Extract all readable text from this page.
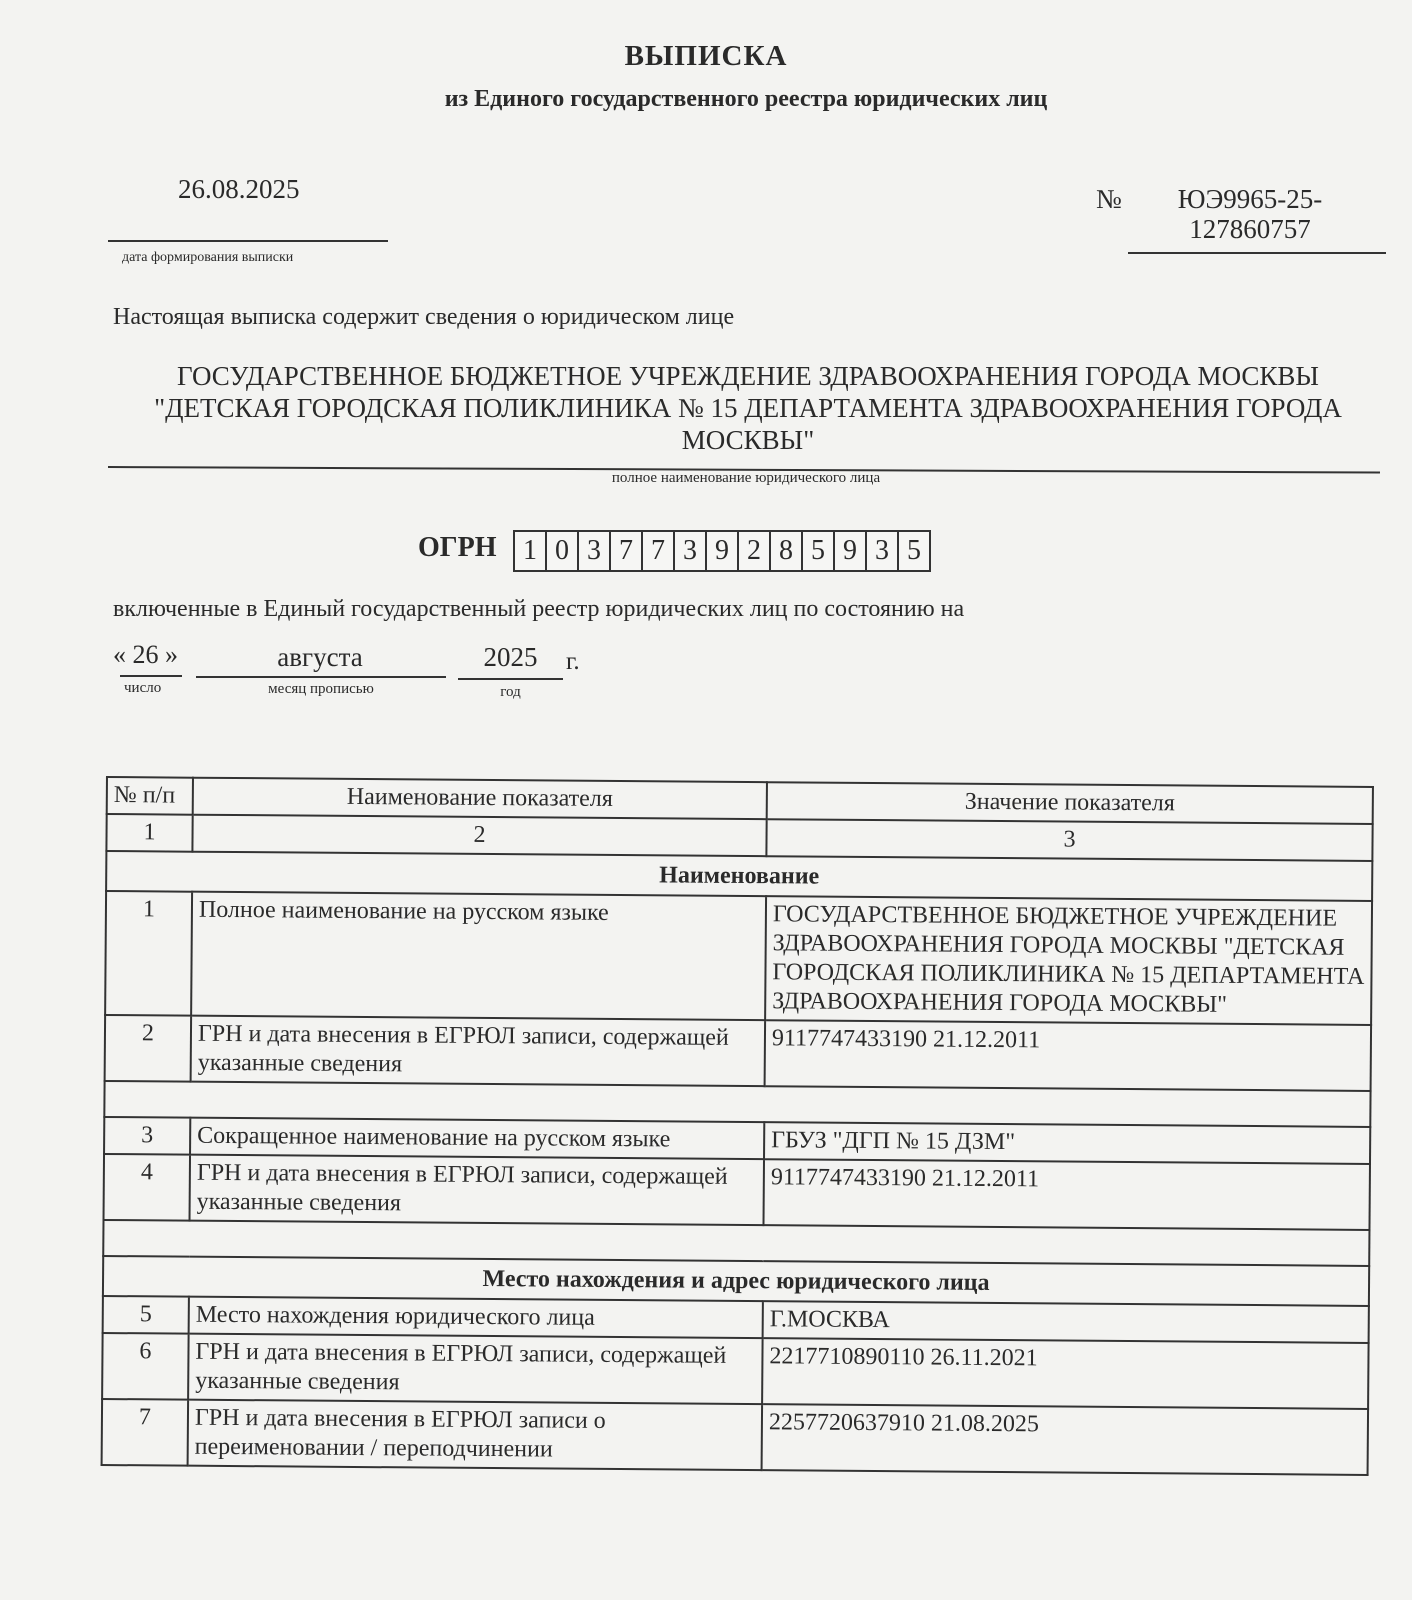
ВЫПИСКА
из Единого государственного реестра юридических лиц
26.08.2025
дата формирования выписки
№	ЮЭ9965-25-127860757
Настоящая выписка содержит сведения о юридическом лице
ГОСУДАРСТВЕННОЕ БЮДЖЕТНОЕ УЧРЕЖДЕНИЕ ЗДРАВООХРАНЕНИЯ ГОРОДА МОСКВЫ "ДЕТСКАЯ ГОРОДСКАЯ ПОЛИКЛИНИКА № 15 ДЕПАРТАМЕНТА ЗДРАВООХРАНЕНИЯ ГОРОДА МОСКВЫ"
полное наименование юридического лица
ОГРН 1 0 3 7 7 3 9 2 8 5 9 3 5
включенные в Единый государственный реестр юридических лиц по состоянию на
« 26 »
число
августа
месяц прописью
2025
год
г.
№ п/п	Наименование показателя	Значение показателя
1	2	3
Наименование		
1	Полное наименование на русском языке	ГОСУДАРСТВЕННОЕ БЮДЖЕТНОЕ УЧРЕЖДЕНИЕ ЗДРАВООХРАНЕНИЯ ГОРОДА МОСКВЫ "ДЕТСКАЯ ГОРОДСКАЯ ПОЛИКЛИНИКА № 15 ДЕПАРТАМЕНТА ЗДРАВООХРАНЕНИЯ ГОРОДА МОСКВЫ"
2	ГРН и дата внесения в ЕГРЮЛ записи, содержащей указанные сведения	9117747433190 21.12.2011

3	Сокращенное наименование на русском языке	ГБУЗ "ДГП № 15 ДЗМ"
4	ГРН и дата внесения в ЕГРЮЛ записи, содержащей указанные сведения	9117747433190 21.12.2011

Место нахождения и адрес юридического лица		
5	Место нахождения юридического лица	Г.МОСКВА
6	ГРН и дата внесения в ЕГРЮЛ записи, содержащей указанные сведения	2217710890110 26.11.2021
7	ГРН и дата внесения в ЕГРЮЛ записи о переименовании / переподчинении	2257720637910 21.08.2025
